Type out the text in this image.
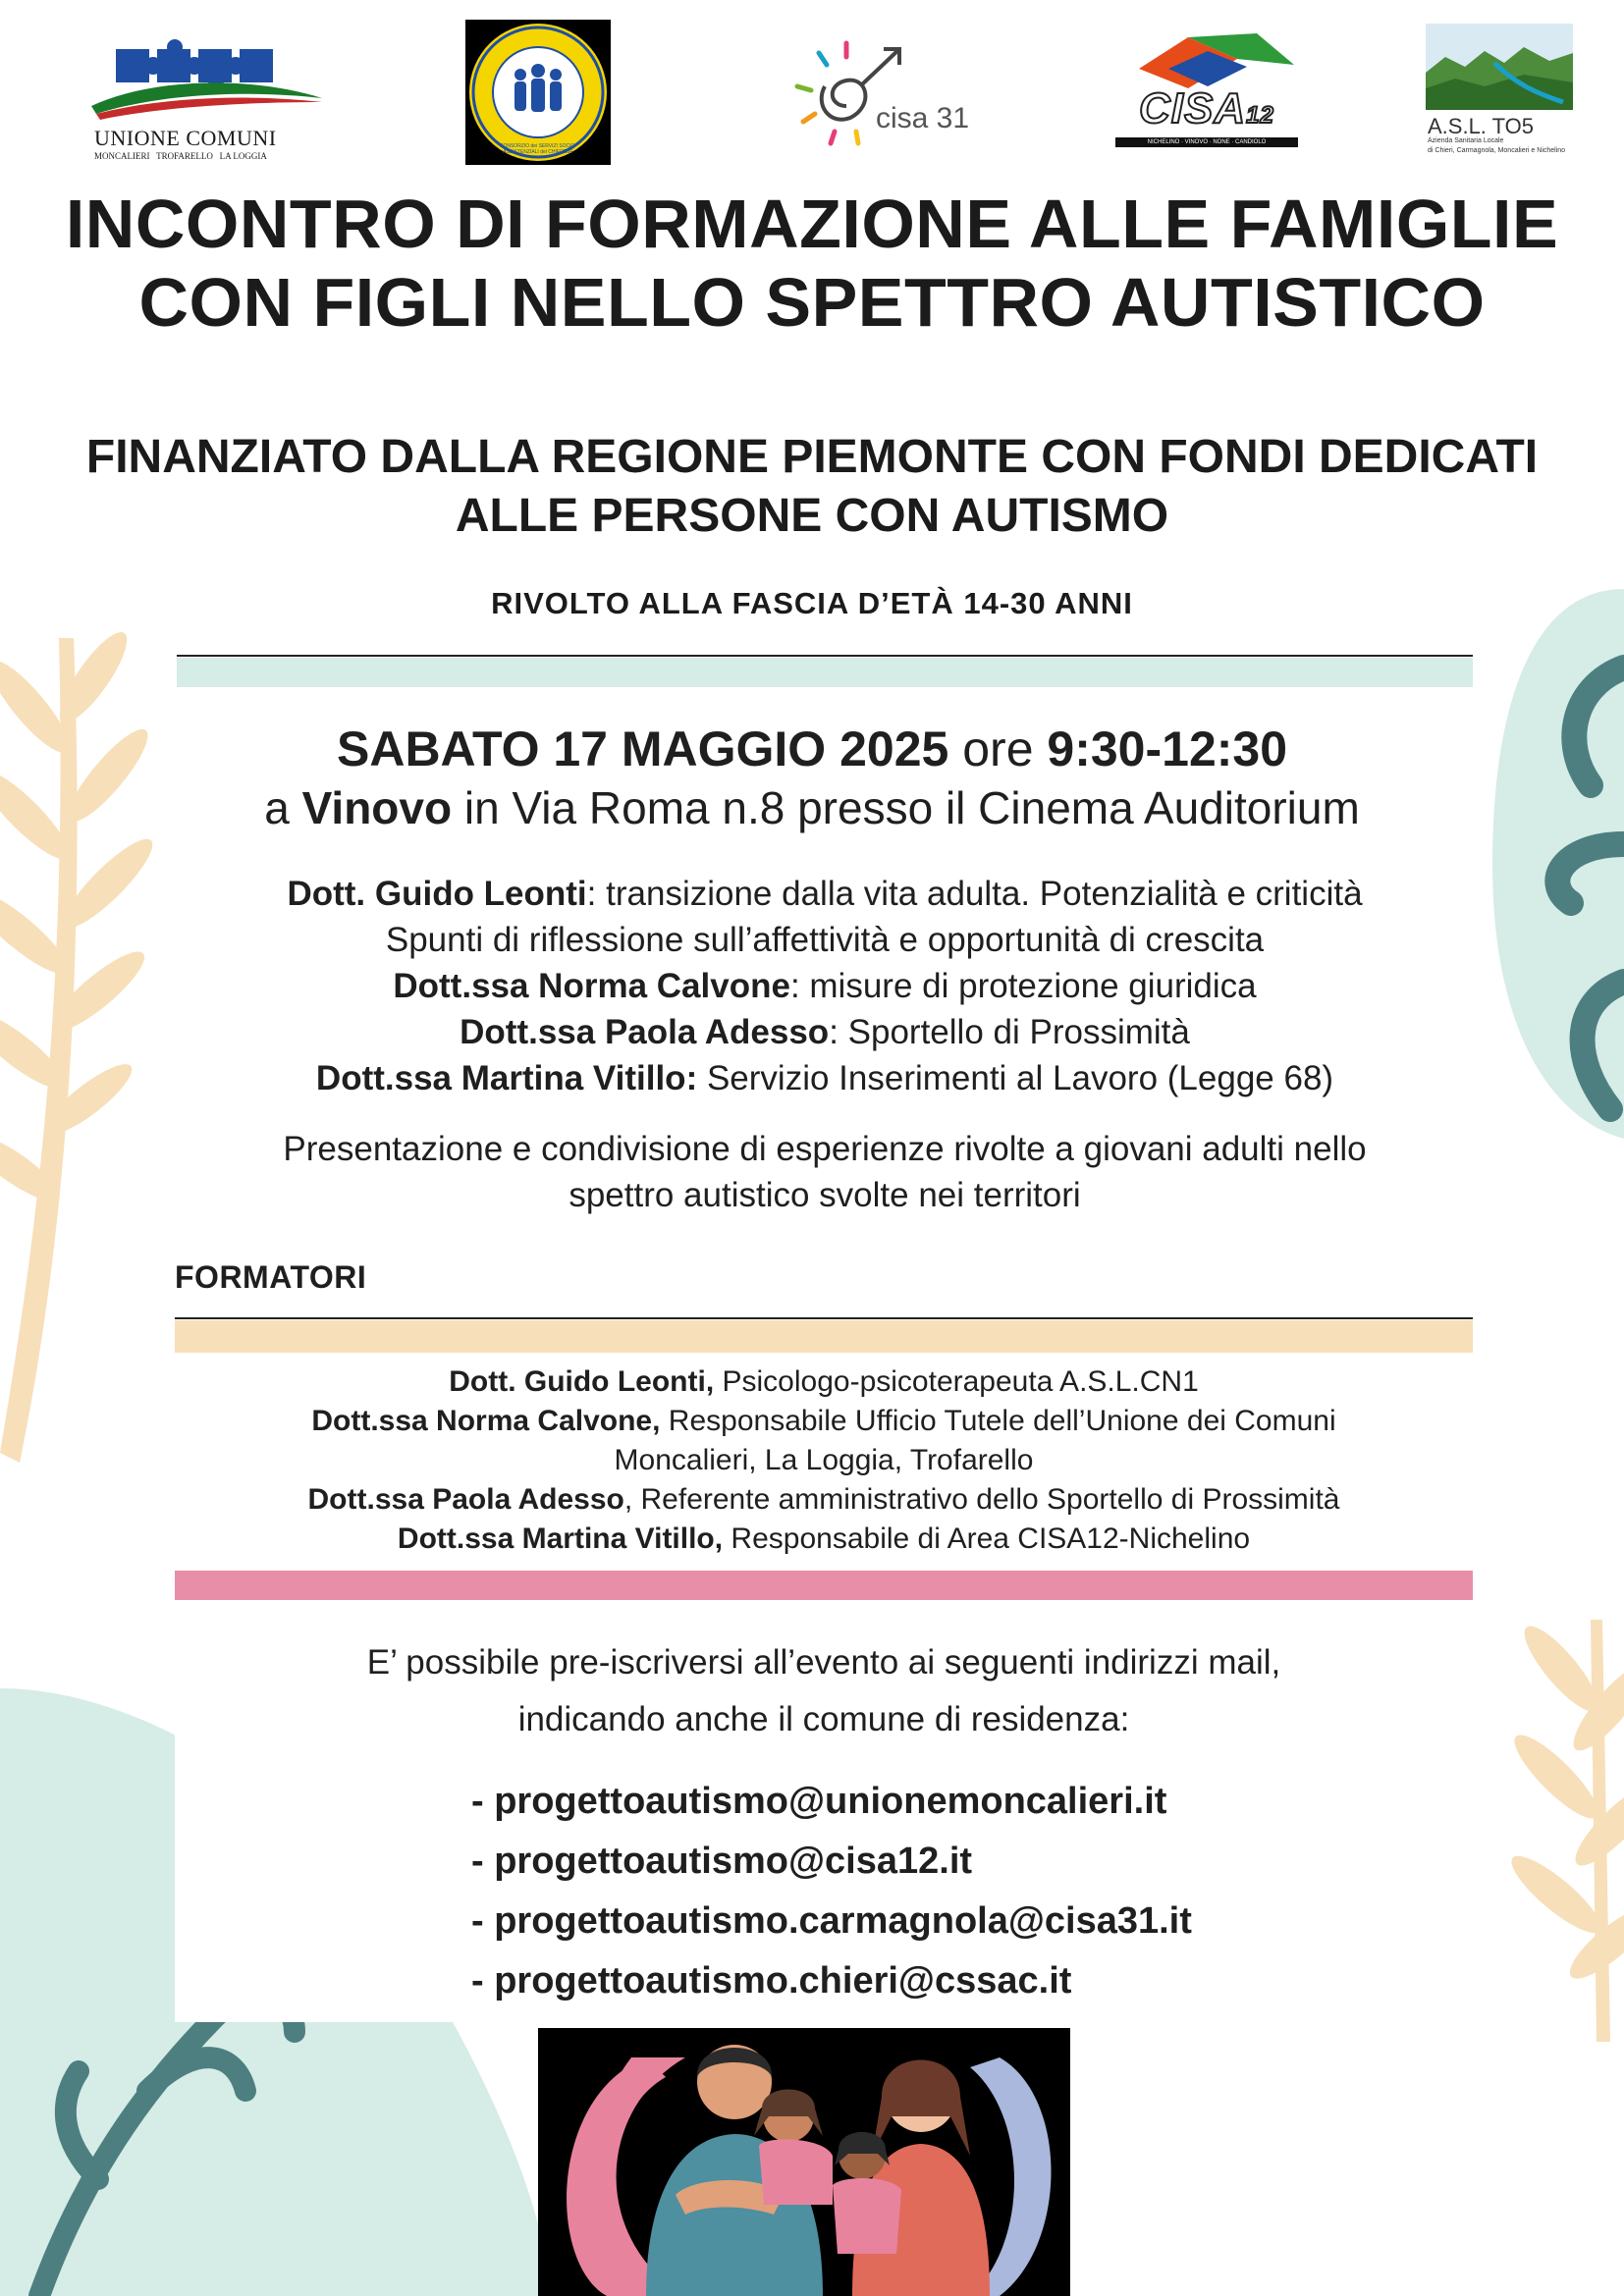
UNIONE COMUNI
MONCALIERI   TROFARELLO   LA LOGGIA
CONSORZIO dei SERVIZI SOCIO-ASSISTENZIALI del CHIERESE
cisa 31	CISA12
NICHELINO · VINOVO · NONE · CANDIOLO
A.S.L. TO5
Azienda Sanitaria Locale
di Chieri, Carmagnola, Moncalieri e Nichelino
INCONTRO DI FORMAZIONE ALLE FAMIGLIE
CON FIGLI NELLO SPETTRO AUTISTICO
FINANZIATO DALLA REGIONE PIEMONTE CON FONDI DEDICATI
ALLE PERSONE CON AUTISMO
RIVOLTO ALLA FASCIA D’ETÀ 14-30 ANNI
SABATO 17 MAGGIO 2025 ore 9:30-12:30
a Vinovo in Via Roma n.8 presso il Cinema Auditorium
Dott. Guido Leonti: transizione dalla vita adulta. Potenzialità e criticità
Spunti di riflessione sull’affettività e opportunità di crescita
Dott.ssa Norma Calvone: misure di protezione giuridica
Dott.ssa Paola Adesso: Sportello di Prossimità
Dott.ssa Martina Vitillo: Servizio Inserimenti al Lavoro (Legge 68)
Presentazione e condivisione di esperienze rivolte a giovani adulti nello
spettro autistico svolte nei territori
FORMATORI
Dott. Guido Leonti, Psicologo-psicoterapeuta A.S.L.CN1
Dott.ssa Norma Calvone, Responsabile Ufficio Tutele dell’Unione dei Comuni
Moncalieri, La Loggia, Trofarello
Dott.ssa Paola Adesso, Referente amministrativo dello Sportello di Prossimità
Dott.ssa Martina Vitillo, Responsabile di Area CISA12-Nichelino
E’ possibile pre-iscriversi all’evento ai seguenti indirizzi mail,
indicando anche il comune di residenza:
- progettoautismo@unionemoncalieri.it
- progettoautismo@cisa12.it
- progettoautismo.carmagnola@cisa31.it
- progettoautismo.chieri@cssac.it
